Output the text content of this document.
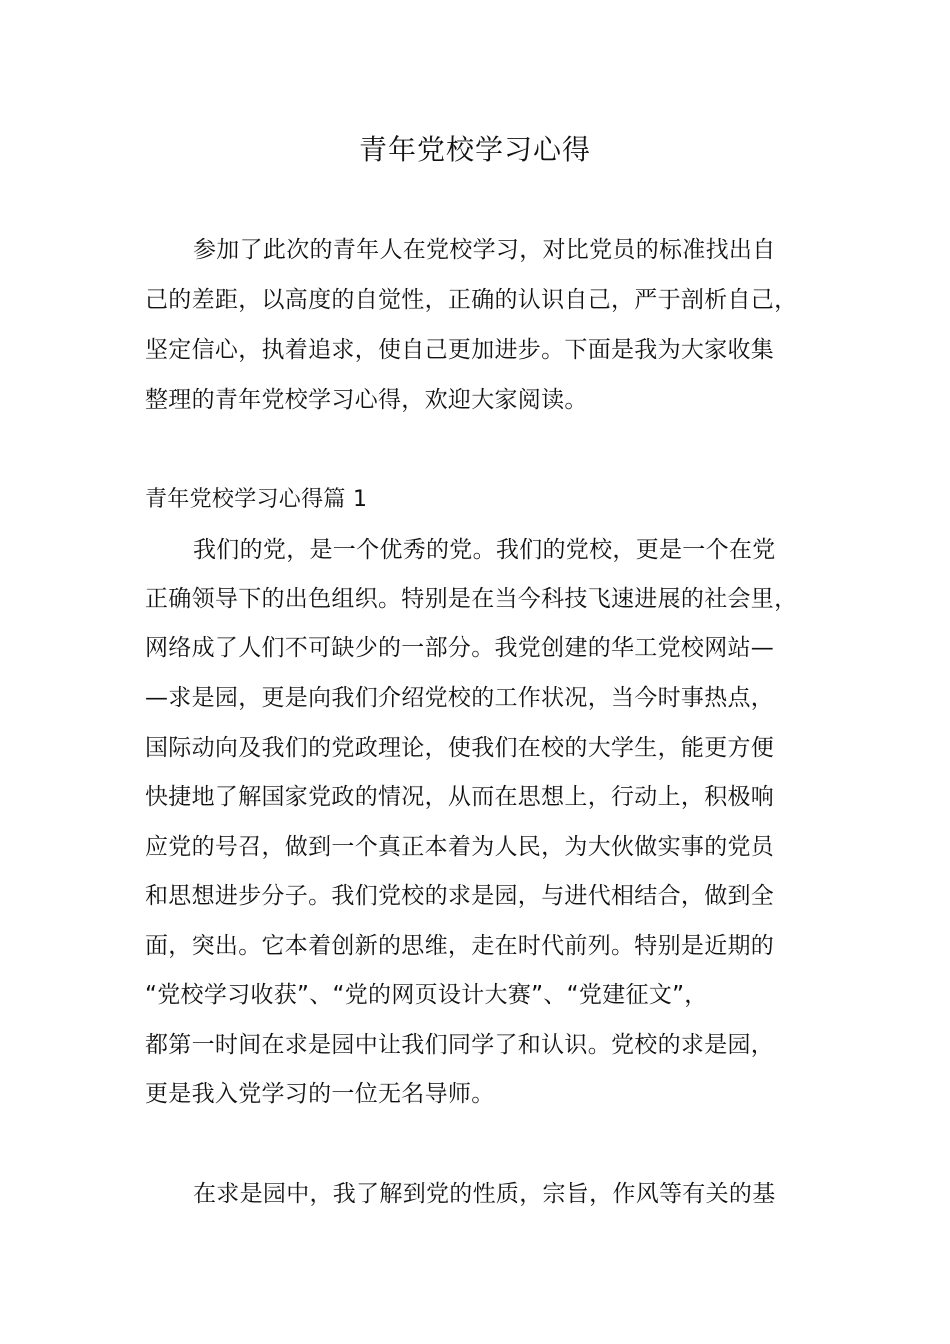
青年党校学习心得
参加了此次的青年人在党校学习，对比党员的标准找出自
己的差距，以高度的自觉性，正确的认识自己，严于剖析自己，
坚定信心，执着追求，使自己更加进步。下面是我为大家收集
整理的青年党校学习心得，欢迎大家阅读。
青年党校学习心得篇 1
我们的党，是一个优秀的党。我们的党校，更是一个在党
正确领导下的出色组织。特别是在当今科技飞速进展的社会里，
网络成了人们不可缺少的一部分。我党创建的华工党校网站—
—求是园，更是向我们介绍党校的工作状况，当今时事热点，
国际动向及我们的党政理论，使我们在校的大学生，能更方便
快捷地了解国家党政的情况，从而在思想上，行动上，积极响
应党的号召，做到一个真正本着为人民，为大伙做实事的党员
和思想进步分子。我们党校的求是园，与进代相结合，做到全
面，突出。它本着创新的思维，走在时代前列。特别是近期的
“党校学习收获”、“党的网页设计大赛”、“党建征文”，
都第一时间在求是园中让我们同学了和认识。党校的求是园，
更是我入党学习的一位无名导师。
在求是园中，我了解到党的性质，宗旨，作风等有关的基
